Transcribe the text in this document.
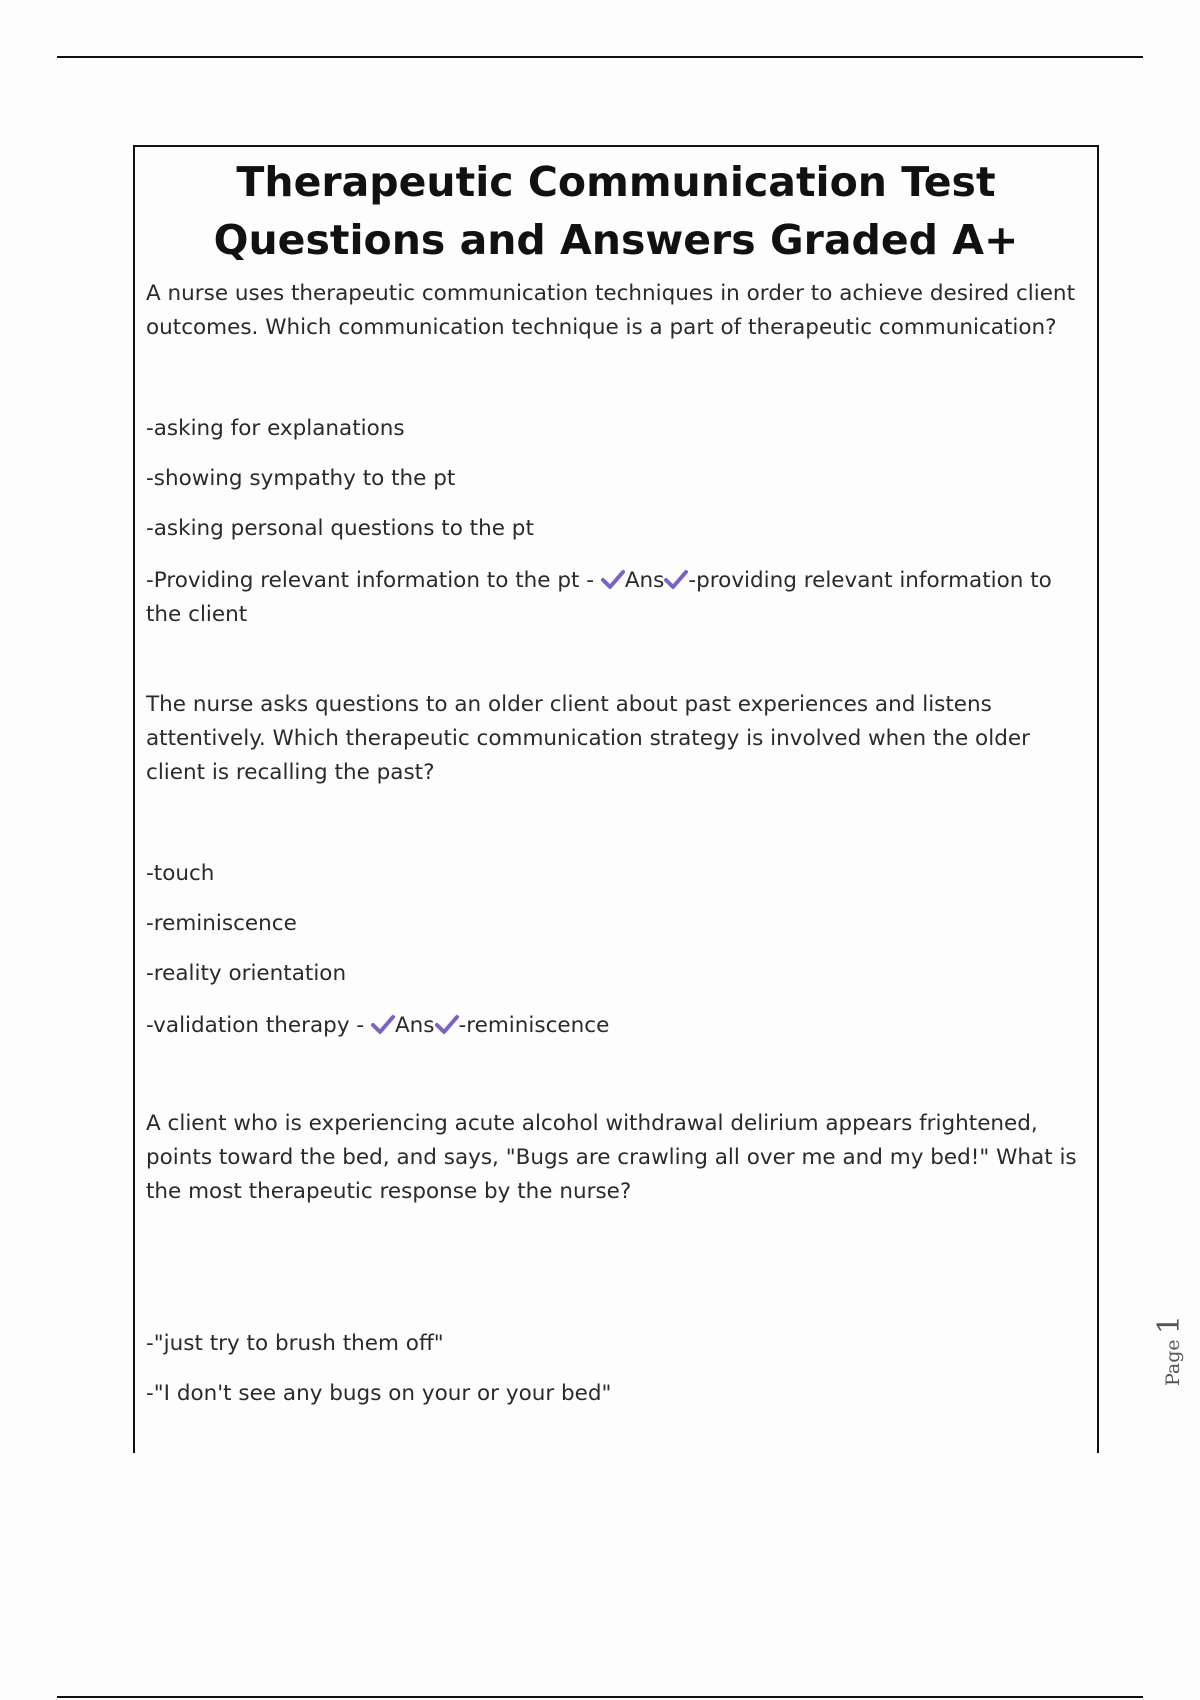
Therapeutic Communication Test
Questions and Answers Graded A+

A nurse uses therapeutic communication techniques in order to achieve desired client outcomes. Which communication technique is a part of therapeutic communication?

-asking for explanations

-showing sympathy to the pt

-asking personal questions to the pt

-Providing relevant information to the pt - Ans -providing relevant information to the client

The nurse asks questions to an older client about past experiences and listens attentively. Which therapeutic communication strategy is involved when the older client is recalling the past?

-touch

-reminiscence

-reality orientation

-validation therapy - Ans -reminiscence

A client who is experiencing acute alcohol withdrawal delirium appears frightened, points toward the bed, and says, "Bugs are crawling all over me and my bed!" What is the most therapeutic response by the nurse?

-"just try to brush them off"

-"I don't see any bugs on your or your bed"

Page 1
